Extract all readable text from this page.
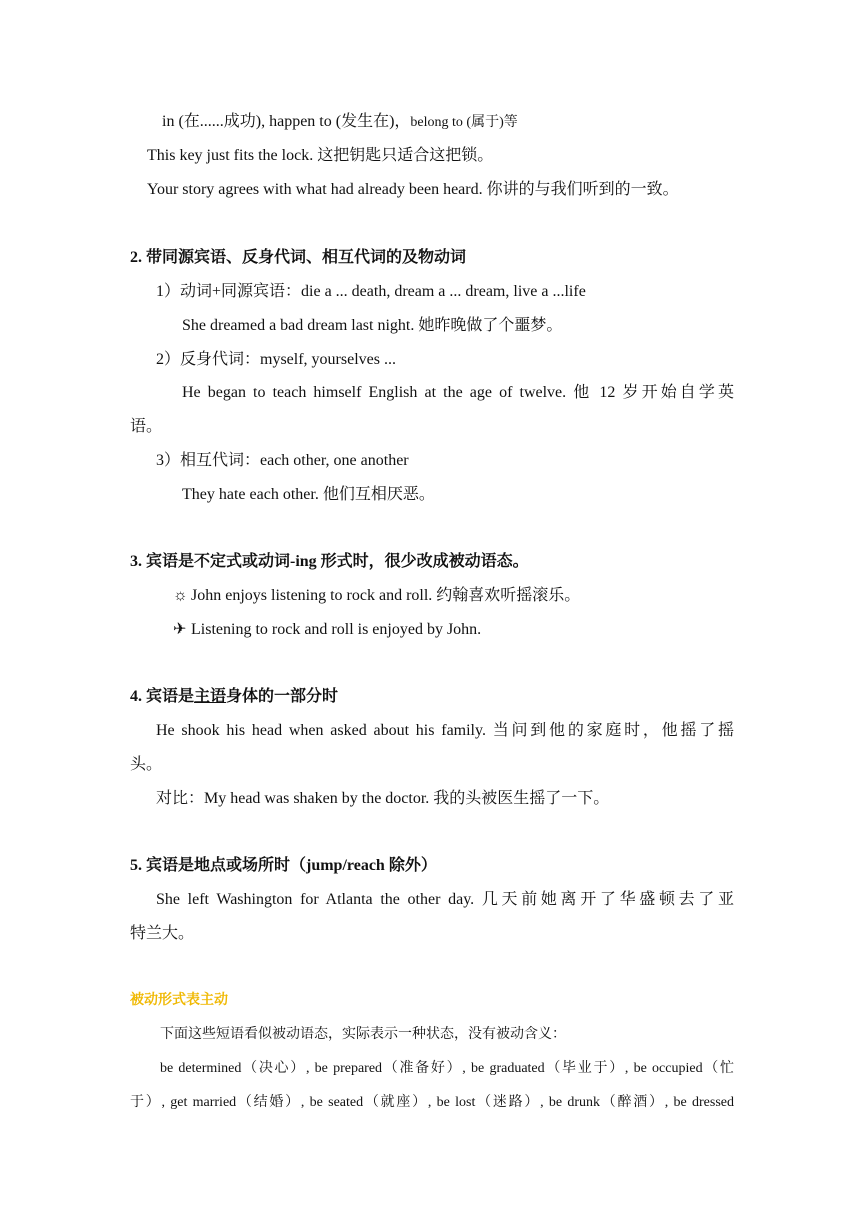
in (在......成功), happen to (发生在)，belong to (属于)等
This key just fits the lock. 这把钥匙只适合这把锁。
Your story agrees with what had already been heard. 你讲的与我们听到的一致。
2. 带同源宾语、反身代词、相互代词的及物动词
1）动词+同源宾语：die a ... death, dream a ... dream, live a ...life
She dreamed a bad dream last night. 她昨晚做了个噩梦。
2）反身代词：myself, yourselves ...
He began to teach himself English at the age of twelve. 他 12 岁开始自学英
语。
3）相互代词：each other, one another
They hate each other. 他们互相厌恶。
3. 宾语是不定式或动词-ing 形式时，很少改成被动语态。
☼ John enjoys listening to rock and roll. 约翰喜欢听摇滚乐。
✈ Listening to rock and roll is enjoyed by John.
4. 宾语是主语身体的一部分时
He shook his head when asked about his family. 当问到他的家庭时，他摇了摇
头。
对比：My head was shaken by the doctor. 我的头被医生摇了一下。
5. 宾语是地点或场所时（jump/reach 除外）
She left Washington for Atlanta the other day. 几天前她离开了华盛顿去了亚
特兰大。
被动形式表主动
下面这些短语看似被动语态，实际表示一种状态，没有被动含义：
be determined（决心）, be prepared（准备好）, be graduated（毕业于）, be occupied（忙
于）, get married（结婚）, be seated（就座）, be lost（迷路）, be drunk（醉酒）, be dressed
